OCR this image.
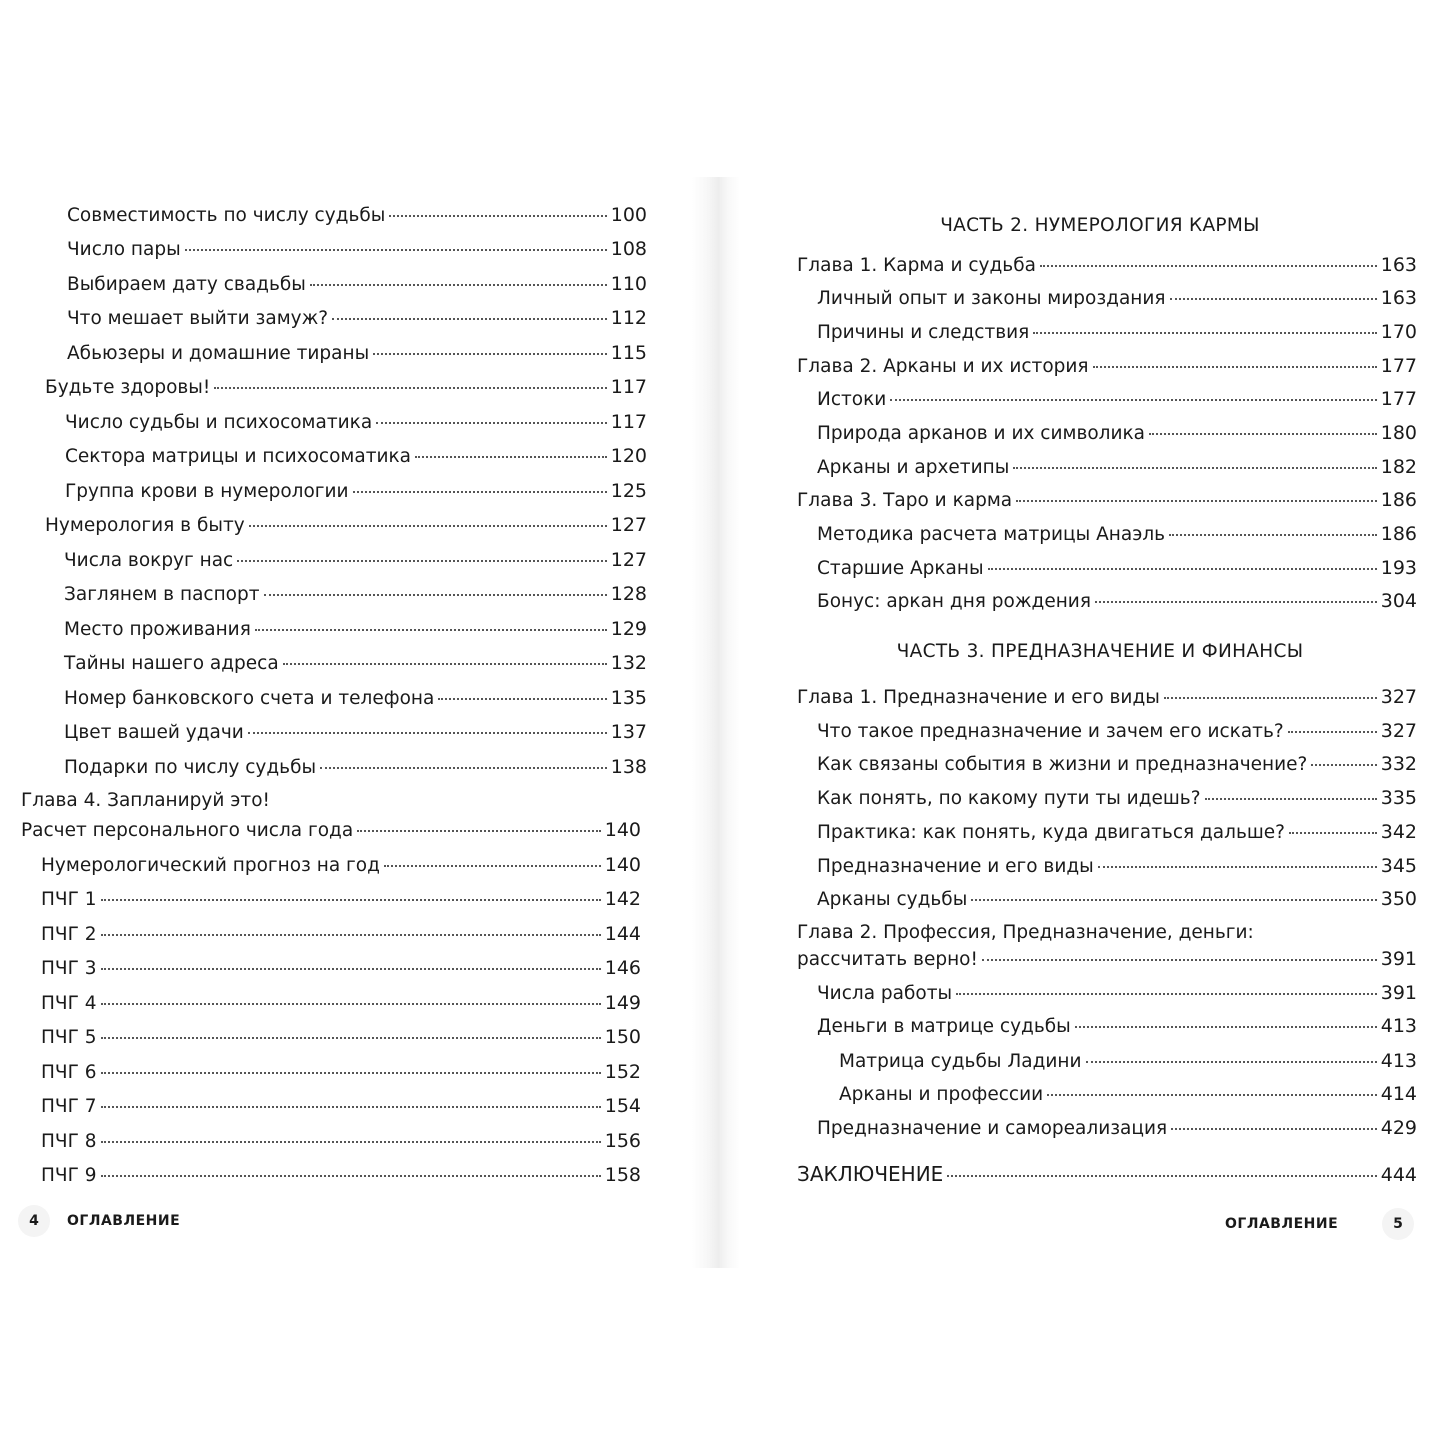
Совместимость по числу судьбы	100
Число пары	108
Выбираем дату свадьбы	110
Что мешает выйти замуж?	112
Абьюзеры и домашние тираны	115
Будьте здоровы!	117
Число судьбы и психосоматика	117
Сектора матрицы и психосоматика	120
Группа крови в нумерологии	125
Нумерология в быту	127
Числа вокруг нас	127
Заглянем в паспорт	128
Место проживания	129
Тайны нашего адреса	132
Номер банковского счета и телефона	135
Цвет вашей удачи	137
Подарки по числу судьбы	138
Глава 4. Запланируй это!
Расчет персонального числа года	140
Нумерологический прогноз на год	140
ПЧГ 1	142
ПЧГ 2	144
ПЧГ 3	146
ПЧГ 4	149
ПЧГ 5	150
ПЧГ 6	152
ПЧГ 7	154
ПЧГ 8	156
ПЧГ 9	158
4	ОГЛАВЛЕНИЕ
ЧАСТЬ 2. НУМЕРОЛОГИЯ КАРМЫ
Глава 1. Карма и судьба	163
Личный опыт и законы мироздания	163
Причины и следствия	170
Глава 2. Арканы и их история	177
Истоки	177
Природа арканов и их символика	180
Арканы и архетипы	182
Глава 3. Таро и карма	186
Методика расчета матрицы Анаэль	186
Старшие Арканы	193
Бонус: аркан дня рождения	304
ЧАСТЬ 3. ПРЕДНАЗНАЧЕНИЕ И ФИНАНСЫ
Глава 1. Предназначение и его виды	327
Что такое предназначение и зачем его искать?	327
Как связаны события в жизни и предназначение?	332
Как понять, по какому пути ты идешь?	335
Практика: как понять, куда двигаться дальше?	342
Предназначение и его виды	345
Арканы судьбы	350
Глава 2. Профессия, Предназначение, деньги:
рассчитать верно!	391
Числа работы	391
Деньги в матрице судьбы	413
Матрица судьбы Ладини	413
Арканы и профессии	414
Предназначение и самореализация	429
ЗАКЛЮЧЕНИЕ	444
ОГЛАВЛЕНИЕ	5
